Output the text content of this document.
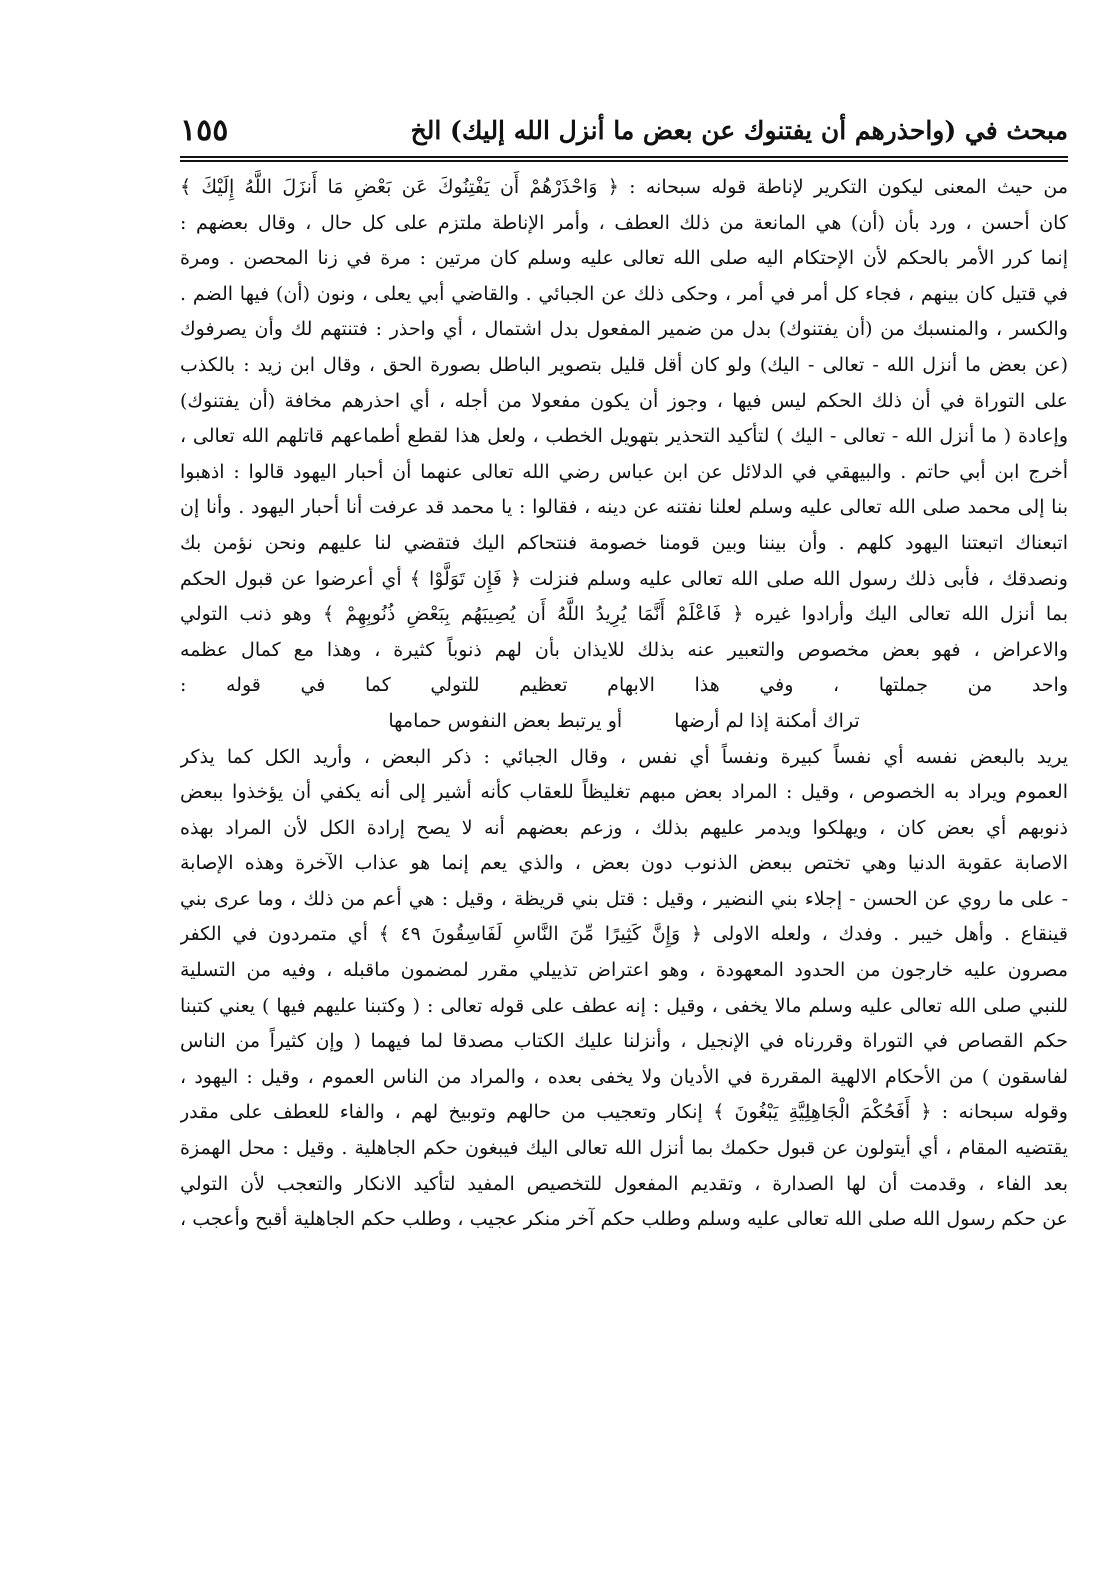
مبحث في (واحذرهم أن يفتنوك عن بعض ما أنزل الله إليك) الخ
١٥٥
من حيث المعنى ليكون التكرير لإناطة قوله سبحانه : ﴿ وَاحْذَرْهُمْ أَن يَفْتِنُوكَ عَن بَعْضِ مَا أَنزَلَ اللَّهُ إِلَيْكَ ﴾
كان أحسن ، ورد بأن (أن) هي المانعة من ذلك العطف ، وأمر الإناطة ملتزم على كل حال ، وقال بعضهم :
إنما كرر الأمر بالحكم لأن الإحتكام اليه صلى الله تعالى عليه وسلم كان مرتين : مرة في زنا المحصن . ومرة
في قتيل كان بينهم ، فجاء كل أمر في أمر ، وحكى ذلك عن الجبائي . والقاضي أبي يعلى ، ونون (أن) فيها الضم .
والكسر ، والمنسبك من (أن يفتنوك) بدل من ضمير المفعول بدل اشتمال ، أي واحذر : فتنتهم لك وأن يصرفوك
(عن بعض ما أنزل الله - تعالى - اليك) ولو كان أقل قليل بتصوير الباطل بصورة الحق ، وقال ابن زيد : بالكذب
على التوراة في أن ذلك الحكم ليس فيها ، وجوز أن يكون مفعولا من أجله ، أي احذرهم مخافة (أن يفتنوك)
وإعادة ( ما أنزل الله - تعالى - اليك ) لتأكيد التحذير بتهويل الخطب ، ولعل هذا لقطع أطماعهم قاتلهم الله تعالى ،
أخرج ابن أبي حاتم . والبيهقي في الدلائل عن ابن عباس رضي الله تعالى عنهما أن أحبار اليهود قالوا : اذهبوا
بنا إلى محمد صلى الله تعالى عليه وسلم لعلنا نفتنه عن دينه ، فقالوا : يا محمد قد عرفت أنا أحبار اليهود . وأنا إن
اتبعناك اتبعتنا اليهود كلهم . وأن بيننا وبين قومنا خصومة فنتحاكم اليك فتقضي لنا عليهم ونحن نؤمن بك
ونصدقك ، فأبى ذلك رسول الله صلى الله تعالى عليه وسلم فنزلت ﴿ فَإِن تَوَلَّوْا ﴾ أي أعرضوا عن قبول الحكم
بما أنزل الله تعالى اليك وأرادوا غيره ﴿ فَاعْلَمْ أَنَّمَا يُرِيدُ اللَّهُ أَن يُصِيبَهُم بِبَعْضِ ذُنُوبِهِمْ ﴾ وهو ذنب التولي
والاعراض ، فهو بعض مخصوص والتعبير عنه بذلك للايذان بأن لهم ذنوباً كثيرة ، وهذا مع كمال عظمه
واحد من جملتها ، وفي هذا الابهام تعظيم للتولي كما في قوله :
تراك أمكنة إذا لم أرضها  أو يرتبط بعض النفوس حمامها
يريد بالبعض نفسه أي نفساً كبيرة ونفساً أي نفس ، وقال الجبائي : ذكر البعض ، وأريد الكل كما يذكر
العموم ويراد به الخصوص ، وقيل : المراد بعض مبهم تغليظاً للعقاب كأنه أشير إلى أنه يكفي أن يؤخذوا ببعض
ذنوبهم أي بعض كان ، ويهلكوا ويدمر عليهم بذلك ، وزعم بعضهم أنه لا يصح إرادة الكل لأن المراد بهذه
الاصابة عقوبة الدنيا وهي تختص ببعض الذنوب دون بعض ، والذي يعم إنما هو عذاب الآخرة وهذه الإصابة
- على ما روي عن الحسن - إجلاء بني النضير ، وقيل : قتل بني قريظة ، وقيل : هي أعم من ذلك ، وما عرى بني
قينقاع . وأهل خيبر . وفدك ، ولعله الاولى ﴿ وَإِنَّ كَثِيرًا مِّنَ النَّاسِ لَفَاسِقُونَ ٤٩ ﴾ أي متمردون في الكفر
مصرون عليه خارجون من الحدود المعهودة ، وهو اعتراض تذييلي مقرر لمضمون ماقبله ، وفيه من التسلية
للنبي صلى الله تعالى عليه وسلم مالا يخفى ، وقيل : إنه عطف على قوله تعالى : ( وكتبنا عليهم فيها ) يعني كتبنا
حكم القصاص في التوراة وقررناه في الإنجيل ، وأنزلنا عليك الكتاب مصدقا لما فيهما ( وإن كثيراً من الناس
لفاسقون ) من الأحكام الالهية المقررة في الأديان ولا يخفى بعده ، والمراد من الناس العموم ، وقيل : اليهود ،
وقوله سبحانه : ﴿ أَفَحُكْمَ الْجَاهِلِيَّةِ يَبْغُونَ ﴾ إنكار وتعجيب من حالهم وتوبيخ لهم ، والفاء للعطف على مقدر
يقتضيه المقام ، أي أيتولون عن قبول حكمك بما أنزل الله تعالى اليك فيبغون حكم الجاهلية . وقيل : محل الهمزة
بعد الفاء ، وقدمت أن لها الصدارة ، وتقديم المفعول للتخصيص المفيد لتأكيد الانكار والتعجب لأن التولي
عن حكم رسول الله صلى الله تعالى عليه وسلم وطلب حكم آخر منكر عجيب ، وطلب حكم الجاهلية أقبح وأعجب ،
